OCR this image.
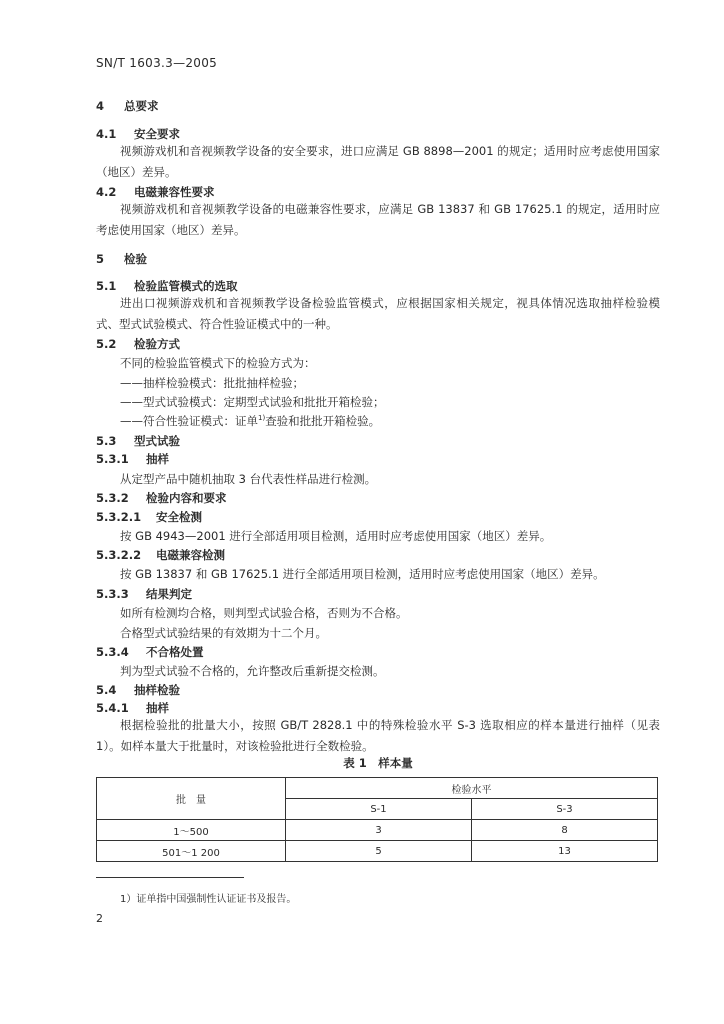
SN/T 1603.3—2005
4 总要求
4.1 安全要求
视频游戏机和音视频教学设备的安全要求，进口应满足 GB 8898—2001 的规定；适用时应考虑使用国家（地区）差异。
4.2 电磁兼容性要求
视频游戏机和音视频教学设备的电磁兼容性要求，应满足 GB 13837 和 GB 17625.1 的规定，适用时应考虑使用国家（地区）差异。
5 检验
5.1 检验监管模式的选取
进出口视频游戏机和音视频教学设备检验监管模式，应根据国家相关规定，视具体情况选取抽样检验模式、型式试验模式、符合性验证模式中的一种。
5.2 检验方式
不同的检验监管模式下的检验方式为：
——抽样检验模式：批批抽样检验；
——型式试验模式：定期型式试验和批批开箱检验；
——符合性验证模式：证单$^{1)}$查验和批批开箱检验。
5.3 型式试验
5.3.1 抽样
从定型产品中随机抽取 3 台代表性样品进行检测。
5.3.2 检验内容和要求
5.3.2.1 安全检测
按 GB 4943—2001 进行全部适用项目检测，适用时应考虑使用国家（地区）差异。
5.3.2.2 电磁兼容检测
按 GB 13837 和 GB 17625.1 进行全部适用项目检测，适用时应考虑使用国家（地区）差异。
5.3.3 结果判定
如所有检测均合格，则判型式试验合格，否则为不合格。
合格型式试验结果的有效期为十二个月。
5.3.4 不合格处置
判为型式试验不合格的，允许整改后重新提交检测。
5.4 抽样检验
5.4.1 抽样
根据检验批的批量大小，按照 GB/T 2828.1 中的特殊检验水平 S-3 选取相应的样本量进行抽样（见表 1）。如样本量大于批量时，对该检验批进行全数检验。
表 1　样本量
批　量	检验水平	
	S-1	S-3
1～500	3	8
501～1 200	5	13
1）证单指中国强制性认证证书及报告。
2
